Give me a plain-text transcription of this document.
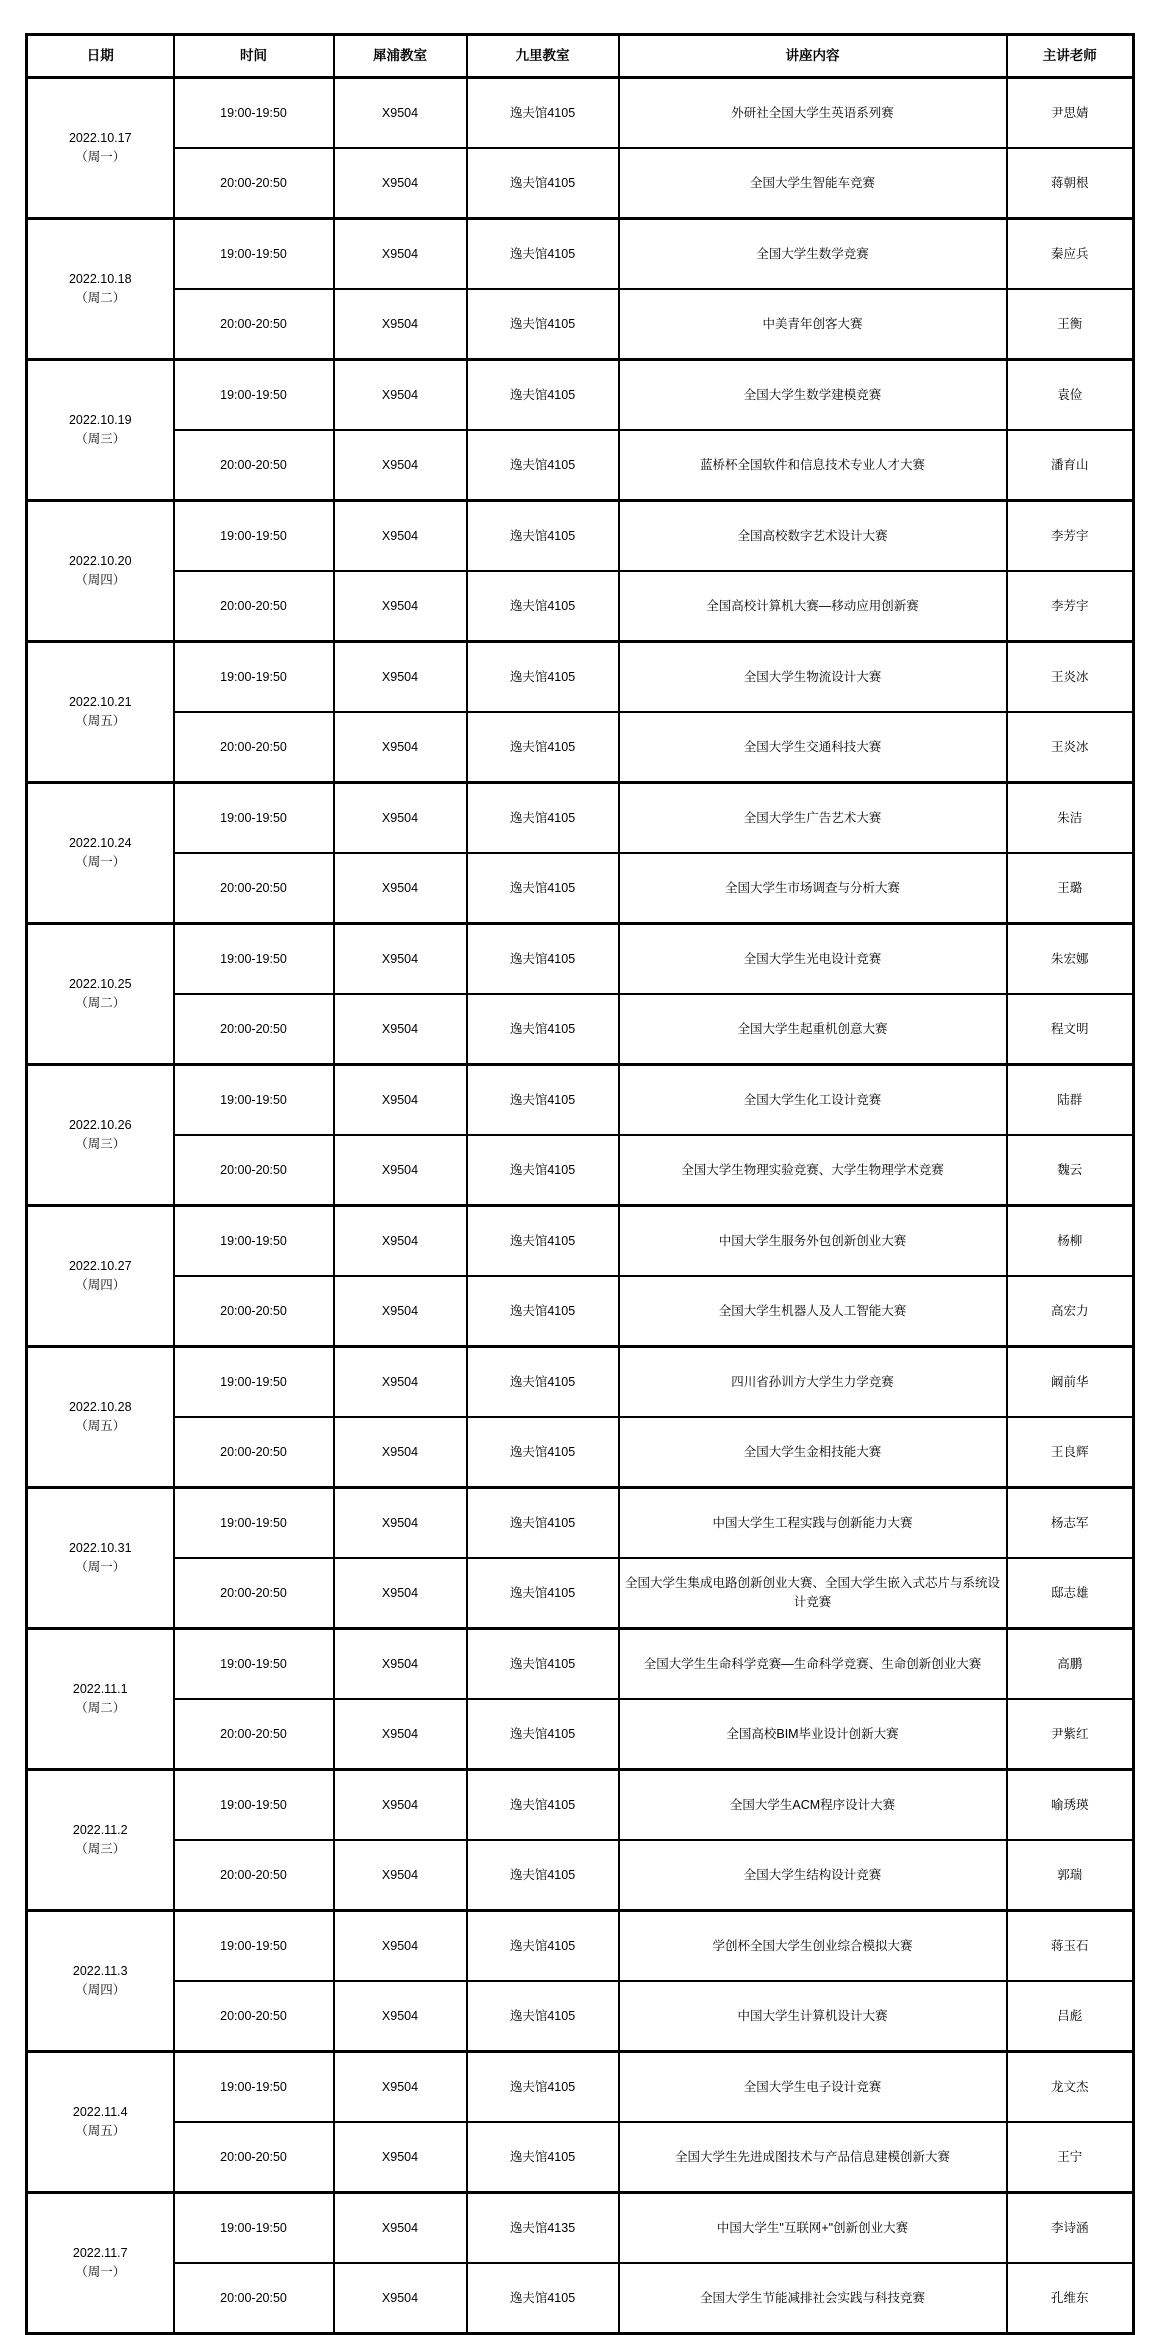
日期	时间	犀浦教室	九里教室	讲座内容	主讲老师

2022.10.17
（周一）	19:00-19:50	X9504	逸夫馆4105	外研社全国大学生英语系列赛	尹思婧
	20:00-20:50	X9504	逸夫馆4105	全国大学生智能车竞赛	蒋朝根

2022.10.18
（周二）	19:00-19:50	X9504	逸夫馆4105	全国大学生数学竞赛	秦应兵
	20:00-20:50	X9504	逸夫馆4105	中美青年创客大赛	王衡

2022.10.19
（周三）	19:00-19:50	X9504	逸夫馆4105	全国大学生数学建模竞赛	袁俭
	20:00-20:50	X9504	逸夫馆4105	蓝桥杯全国软件和信息技术专业人才大赛	潘育山

2022.10.20
（周四）	19:00-19:50	X9504	逸夫馆4105	全国高校数字艺术设计大赛	李芳宇
	20:00-20:50	X9504	逸夫馆4105	全国高校计算机大赛—移动应用创新赛	李芳宇

2022.10.21
（周五）	19:00-19:50	X9504	逸夫馆4105	全国大学生物流设计大赛	王炎冰
	20:00-20:50	X9504	逸夫馆4105	全国大学生交通科技大赛	王炎冰

2022.10.24
（周一）	19:00-19:50	X9504	逸夫馆4105	全国大学生广告艺术大赛	朱洁
	20:00-20:50	X9504	逸夫馆4105	全国大学生市场调查与分析大赛	王璐

2022.10.25
（周二）	19:00-19:50	X9504	逸夫馆4105	全国大学生光电设计竞赛	朱宏娜
	20:00-20:50	X9504	逸夫馆4105	全国大学生起重机创意大赛	程文明

2022.10.26
（周三）	19:00-19:50	X9504	逸夫馆4105	全国大学生化工设计竞赛	陆群
	20:00-20:50	X9504	逸夫馆4105	全国大学生物理实验竞赛、大学生物理学术竞赛	魏云

2022.10.27
（周四）	19:00-19:50	X9504	逸夫馆4105	中国大学生服务外包创新创业大赛	杨柳
	20:00-20:50	X9504	逸夫馆4105	全国大学生机器人及人工智能大赛	高宏力

2022.10.28
（周五）	19:00-19:50	X9504	逸夫馆4105	四川省孙训方大学生力学竞赛	阚前华
	20:00-20:50	X9504	逸夫馆4105	全国大学生金相技能大赛	王良辉

2022.10.31
（周一）	19:00-19:50	X9504	逸夫馆4105	中国大学生工程实践与创新能力大赛	杨志军
	20:00-20:50	X9504	逸夫馆4105	全国大学生集成电路创新创业大赛、全国大学生嵌入式芯片与系统设计竞赛	邸志雄

2022.11.1
（周二）	19:00-19:50	X9504	逸夫馆4105	全国大学生生命科学竞赛—生命科学竞赛、生命创新创业大赛	高鹏
	20:00-20:50	X9504	逸夫馆4105	全国高校BIM毕业设计创新大赛	尹紫红

2022.11.2
（周三）	19:00-19:50	X9504	逸夫馆4105	全国大学生ACM程序设计大赛	喻琇瑛
	20:00-20:50	X9504	逸夫馆4105	全国大学生结构设计竞赛	郭瑞

2022.11.3
（周四）	19:00-19:50	X9504	逸夫馆4105	学创杯全国大学生创业综合模拟大赛	蒋玉石
	20:00-20:50	X9504	逸夫馆4105	中国大学生计算机设计大赛	吕彪

2022.11.4
（周五）	19:00-19:50	X9504	逸夫馆4105	全国大学生电子设计竞赛	龙文杰
	20:00-20:50	X9504	逸夫馆4105	全国大学生先进成图技术与产品信息建模创新大赛	王宁

2022.11.7
（周一）	19:00-19:50	X9504	逸夫馆4135	中国大学生"互联网+"创新创业大赛	李诗涵
	20:00-20:50	X9504	逸夫馆4105	全国大学生节能减排社会实践与科技竞赛	孔维东
